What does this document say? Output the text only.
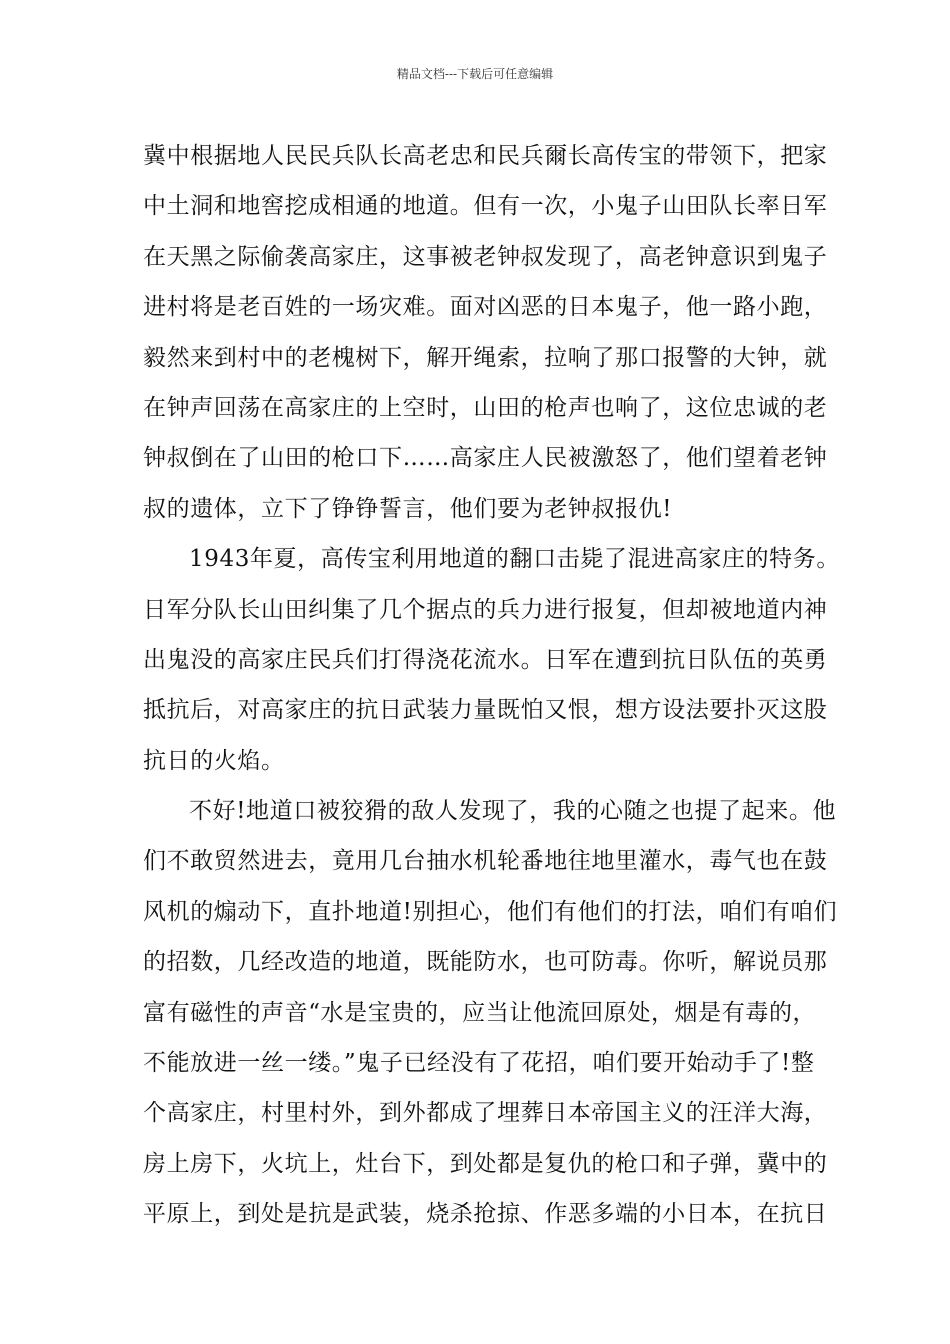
精品文档---下载后可任意编辑
冀中根据地人民民兵队长高老忠和民兵爾长高传宝的带领下，把家
中土洞和地窖挖成相通的地道。但有一次，小鬼子山田队长率日军
在天黑之际偷袭高家庄，这事被老钟叔发现了，高老钟意识到鬼子
进村将是老百姓的一场灾难。面对凶恶的日本鬼子，他一路小跑，
毅然来到村中的老槐树下，解开绳索，拉响了那口报警的大钟，就
在钟声回荡在高家庄的上空时，山田的枪声也响了，这位忠诚的老
钟叔倒在了山田的枪口下……高家庄人民被激怒了，他们望着老钟
叔的遗体，立下了铮铮誓言，他们要为老钟叔报仇!
1943年夏，高传宝利用地道的翻口击毙了混进高家庄的特务。
日军分队长山田纠集了几个据点的兵力进行报复，但却被地道内神
出鬼没的高家庄民兵们打得浇花流水。日军在遭到抗日队伍的英勇
抵抗后，对高家庄的抗日武装力量既怕又恨，想方设法要扑灭这股
抗日的火焰。
不好!地道口被狡猾的敌人发现了，我的心随之也提了起来。他
们不敢贸然进去，竟用几台抽水机轮番地往地里灌水，毒气也在鼓
风机的煽动下，直扑地道!别担心，他们有他们的打法，咱们有咱们
的招数，几经改造的地道，既能防水，也可防毒。你听，解说员那
富有磁性的声音“水是宝贵的，应当让他流回原处，烟是有毒的，
不能放进一丝一缕。”鬼子已经没有了花招，咱们要开始动手了!整
个高家庄，村里村外，到外都成了埋葬日本帝国主义的汪洋大海，
房上房下，火坑上，灶台下，到处都是复仇的枪口和子弹，冀中的
平原上，到处是抗是武装，烧杀抢掠、作恶多端的小日本，在抗日
